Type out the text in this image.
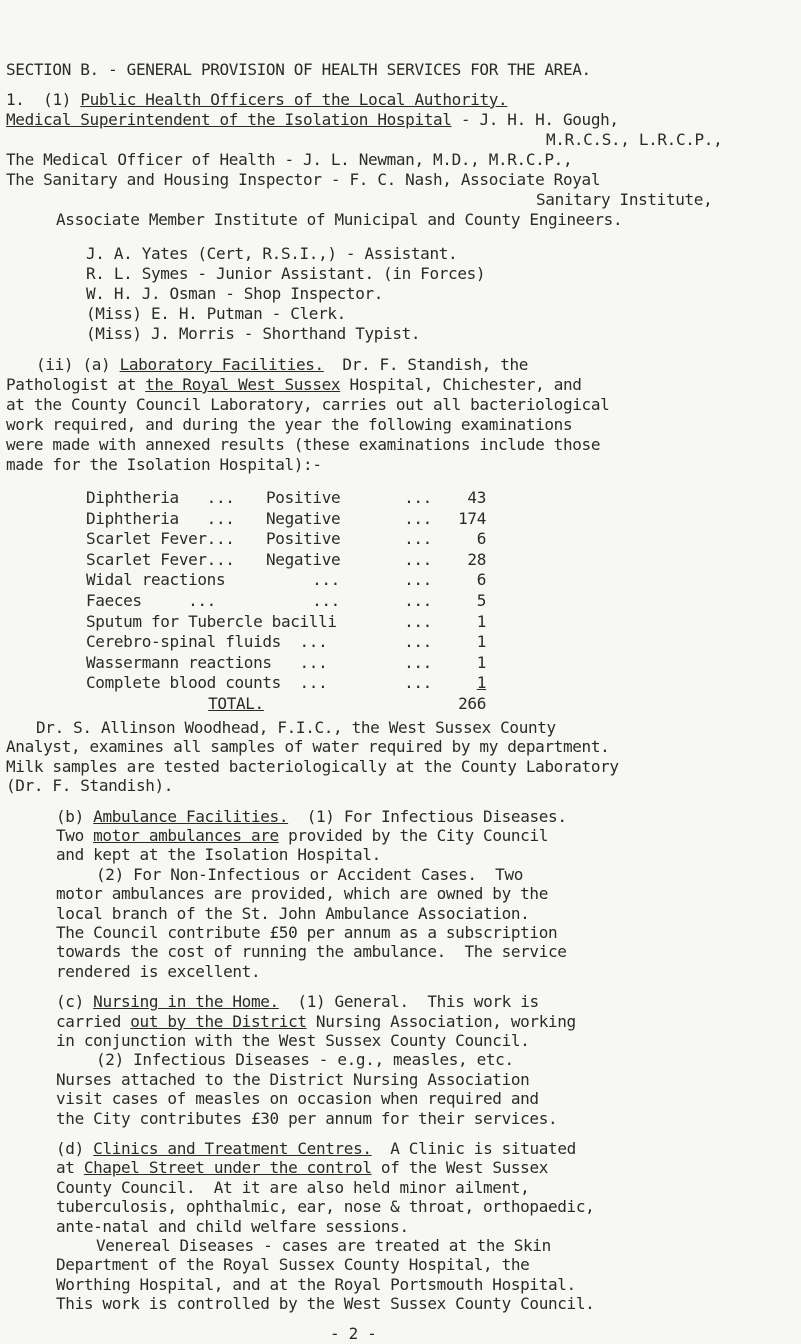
SECTION B. - GENERAL PROVISION OF HEALTH SERVICES FOR THE AREA.
1. (1) Public Health Officers of the Local Authority.
Medical Superintendent of the Isolation Hospital - J. H. H. Gough,
M.R.C.S., L.R.C.P.,
The Medical Officer of Health - J. L. Newman, M.D., M.R.C.P.,
The Sanitary and Housing Inspector - F. C. Nash, Associate Royal
Sanitary Institute,
Associate Member Institute of Municipal and County Engineers.
J. A. Yates (Cert, R.S.I.,) - Assistant.
R. L. Symes - Junior Assistant. (in Forces)
W. H. J. Osman - Shop Inspector.
(Miss) E. H. Putman - Clerk.
(Miss) J. Morris - Shorthand Typist.
(ii) (a) Laboratory Facilities. Dr. F. Standish, the
Pathologist at the Royal West Sussex Hospital, Chichester, and
at the County Council Laboratory, carries out all bacteriological
work required, and during the year the following examinations
were made with annexed results (these examinations include those
made for the Isolation Hospital):-
Diphtheria   ...	Positive	...	43
Diphtheria   ...	Negative	...	174
Scarlet Fever...	Positive	...	6
Scarlet Fever...	Negative	...	28
Widal reactions	...	...	6
Faeces     ...	...	...	5
Sputum for Tubercle bacilli		...	1
Cerebro-spinal fluids  ...		...	1
Wassermann reactions   ...		...	1
Complete blood counts  ...		...	1
TOTAL.			266
Dr. S. Allinson Woodhead, F.I.C., the West Sussex County
Analyst, examines all samples of water required by my department.
Milk samples are tested bacteriologically at the County Laboratory
(Dr. F. Standish).
(b) Ambulance Facilities. (1) For Infectious Diseases.
Two motor ambulances are provided by the City Council
and kept at the Isolation Hospital.
(2) For Non-Infectious or Accident Cases.  Two
motor ambulances are provided, which are owned by the
local branch of the St. John Ambulance Association.
The Council contribute £50 per annum as a subscription
towards the cost of running the ambulance.  The service
rendered is excellent.
(c) Nursing in the Home. (1) General.  This work is
carried out by the District Nursing Association, working
in conjunction with the West Sussex County Council.
(2) Infectious Diseases - e.g., measles, etc.
Nurses attached to the District Nursing Association
visit cases of measles on occasion when required and
the City contributes £30 per annum for their services.
(d) Clinics and Treatment Centres. A Clinic is situated
at Chapel Street under the control of the West Sussex
County Council.  At it are also held minor ailment,
tuberculosis, ophthalmic, ear, nose & throat, orthopaedic,
ante-natal and child welfare sessions.
Venereal Diseases - cases are treated at the Skin
Department of the Royal Sussex County Hospital, the
Worthing Hospital, and at the Royal Portsmouth Hospital.
This work is controlled by the West Sussex County Council.
- 2 -
